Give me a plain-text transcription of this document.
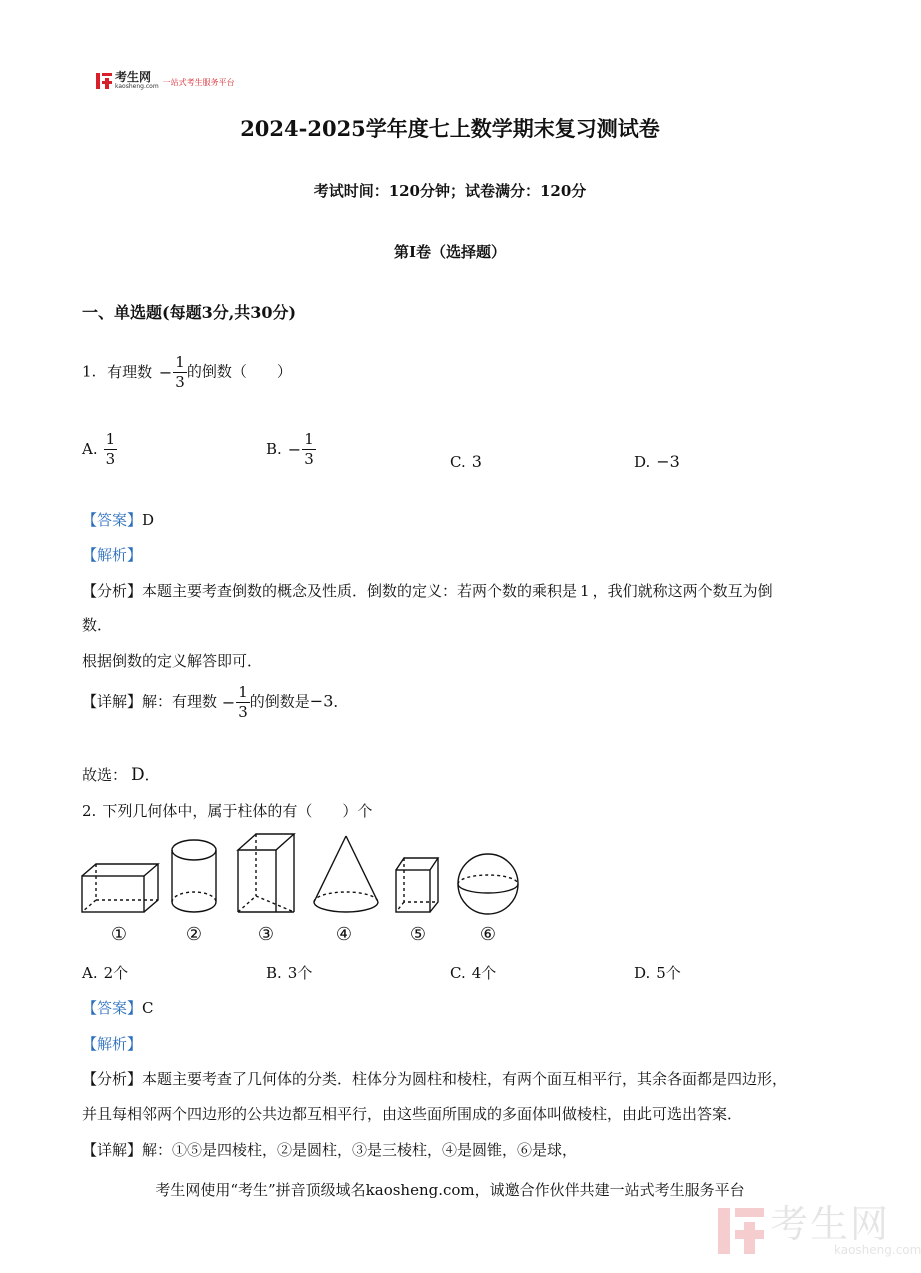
考生网
kaosheng.com 一站式考生服务平台
2024-2025学年度七上数学期末复习测试卷
考试时间：120分钟；试卷满分：120分
第I卷（选择题）
一、单选题(每题3分,共30分)
1. 有理数 − $\frac{1}{3}$ 的倒数（　　）
A. $\frac{1}{3}$	B. − $\frac{1}{3}$	C. 3	D. −3
【答案】D
【解析】
【分析】本题主要考查倒数的概念及性质．倒数的定义：若两个数的乘积是 1 ，我们就称这两个数互为倒
数．
根据倒数的定义解答即可．
【详解】解：有理数 − $\frac{1}{3}$ 的倒数是−3．
故选： D．
2. 下列几何体中，属于柱体的有（　　）个
①	②	③	④	⑤	⑥
A. 2个	B. 3个	C. 4个	D. 5个
【答案】C
【解析】
【分析】本题主要考查了几何体的分类．柱体分为圆柱和棱柱，有两个面互相平行，其余各面都是四边形，
并且每相邻两个四边形的公共边都互相平行，由这些面所围成的多面体叫做棱柱，由此可选出答案．
【详解】解：①⑤是四棱柱，②是圆柱，③是三棱柱，④是圆锥，⑥是球，
考生网使用“考生”拼音顶级域名kaosheng.com，诚邀合作伙伴共建一站式考生服务平台
考生网
kaosheng.com
